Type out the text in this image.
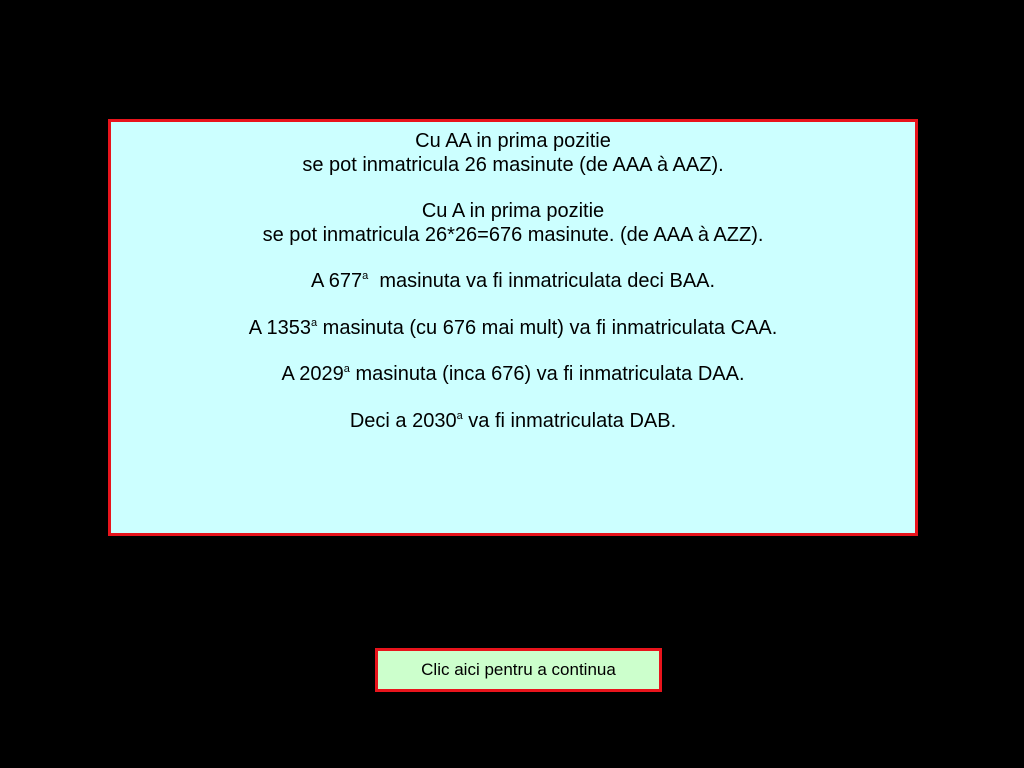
Cu AA in prima pozitie
se pot inmatricula 26 masinute (de AAA à AAZ).
Cu A in prima pozitie
se pot inmatricula 26*26=676 masinute. (de AAA à AZZ).
A 677$^a$  masinuta va fi inmatriculata deci BAA.
A 1353$^a$ masinuta (cu 676 mai mult) va fi inmatriculata CAA.
A 2029$^a$ masinuta (inca 676) va fi inmatriculata DAA.
Deci a 2030$^a$ va fi inmatriculata DAB.
Clic aici pentru a continua
